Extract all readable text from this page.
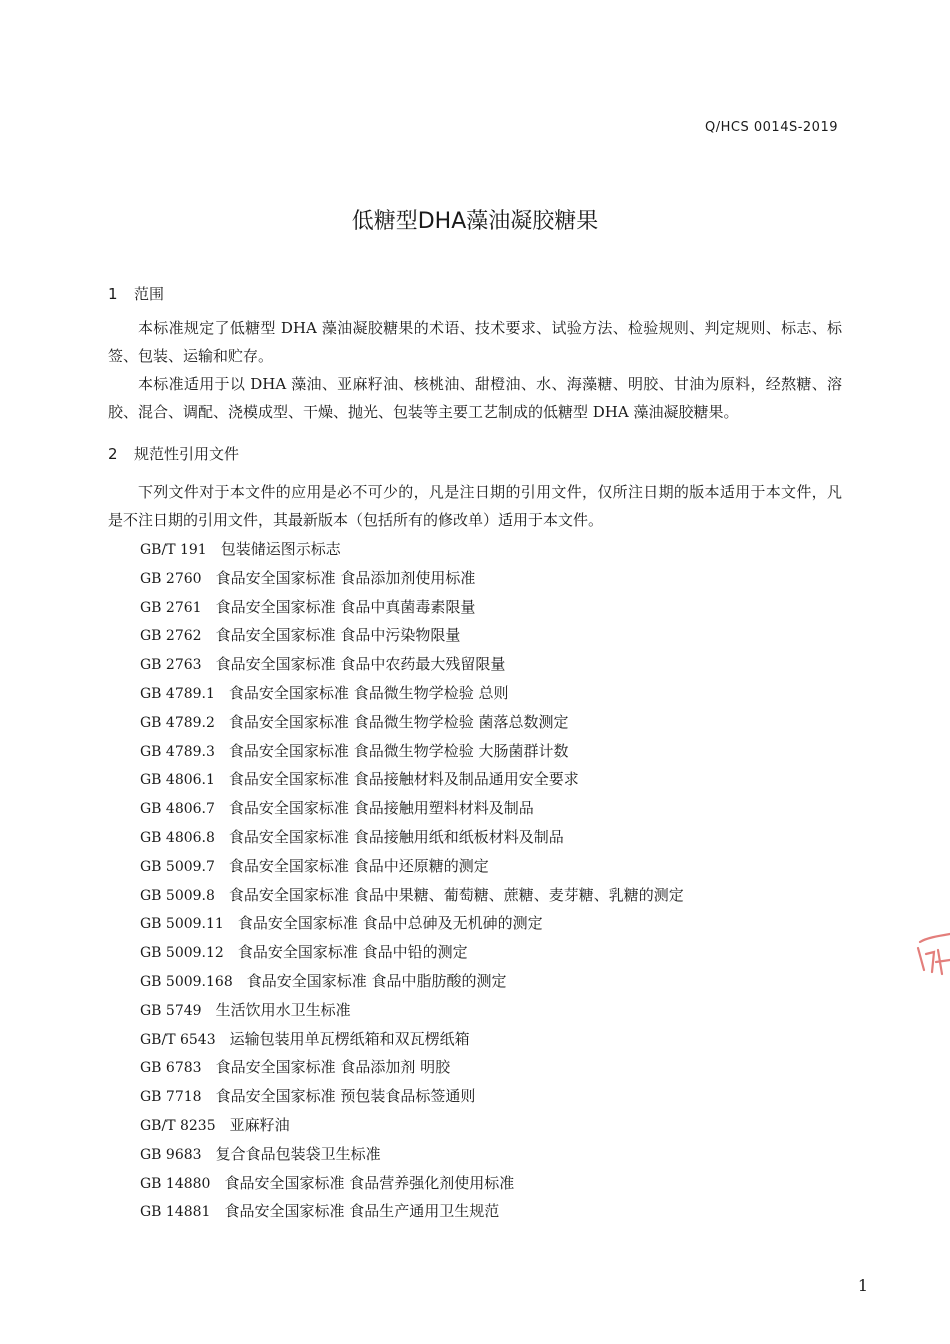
Q/HCS 0014S-2019
低糖型DHA藻油凝胶糖果
1 范围
本标准规定了低糖型 DHA 藻油凝胶糖果的术语、技术要求、试验方法、检验规则、判定规则、标志、标签、包装、运输和贮存。
本标准适用于以 DHA 藻油、亚麻籽油、核桃油、甜橙油、水、海藻糖、明胶、甘油为原料，经熬糖、溶胶、混合、调配、浇模成型、干燥、抛光、包装等主要工艺制成的低糖型 DHA 藻油凝胶糖果。
2 规范性引用文件
下列文件对于本文件的应用是必不可少的，凡是注日期的引用文件，仅所注日期的版本适用于本文件，凡是不注日期的引用文件，其最新版本（包括所有的修改单）适用于本文件。
GB/T 191 包装储运图示标志
GB 2760 食品安全国家标准 食品添加剂使用标准
GB 2761 食品安全国家标准 食品中真菌毒素限量
GB 2762 食品安全国家标准 食品中污染物限量
GB 2763 食品安全国家标准 食品中农药最大残留限量
GB 4789.1 食品安全国家标准 食品微生物学检验 总则
GB 4789.2 食品安全国家标准 食品微生物学检验 菌落总数测定
GB 4789.3 食品安全国家标准 食品微生物学检验 大肠菌群计数
GB 4806.1 食品安全国家标准 食品接触材料及制品通用安全要求
GB 4806.7 食品安全国家标准 食品接触用塑料材料及制品
GB 4806.8 食品安全国家标准 食品接触用纸和纸板材料及制品
GB 5009.7 食品安全国家标准 食品中还原糖的测定
GB 5009.8 食品安全国家标准 食品中果糖、葡萄糖、蔗糖、麦芽糖、乳糖的测定
GB 5009.11 食品安全国家标准 食品中总砷及无机砷的测定
GB 5009.12 食品安全国家标准 食品中铅的测定
GB 5009.168 食品安全国家标准 食品中脂肪酸的测定
GB 5749 生活饮用水卫生标准
GB/T 6543 运输包装用单瓦楞纸箱和双瓦楞纸箱
GB 6783 食品安全国家标准 食品添加剂 明胶
GB 7718 食品安全国家标准 预包装食品标签通则
GB/T 8235 亚麻籽油
GB 9683 复合食品包装袋卫生标准
GB 14880 食品安全国家标准 食品营养强化剂使用标准
GB 14881 食品安全国家标准 食品生产通用卫生规范
1
